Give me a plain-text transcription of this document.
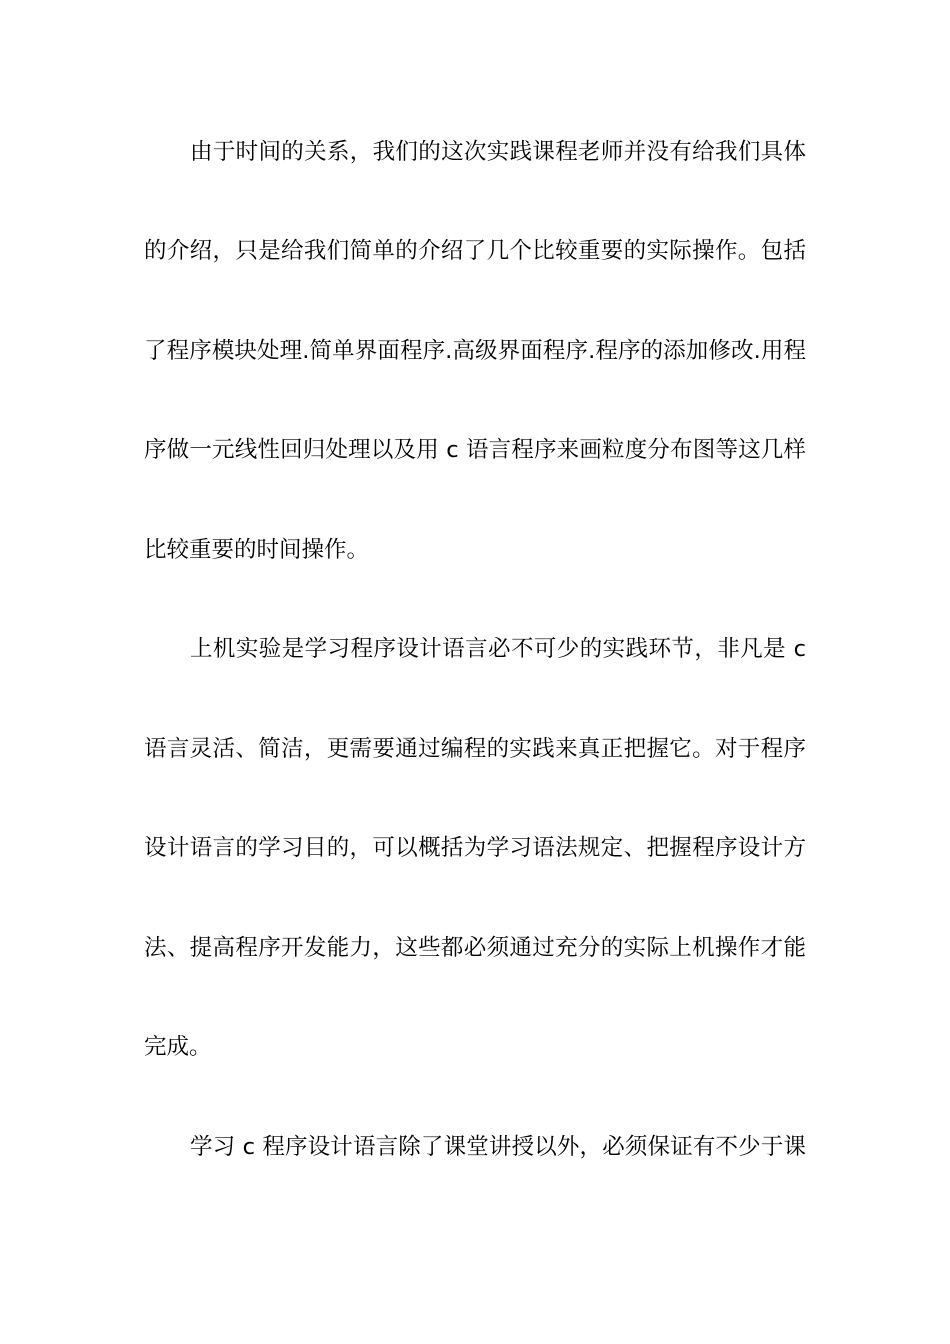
由于时间的关系，我们的这次实践课程老师并没有给我们具体
的介绍，只是给我们简单的介绍了几个比较重要的实际操作。包括
了程序模块处理.简单界面程序.高级界面程序.程序的添加修改.用程
序做一元线性回归处理以及用 c 语言程序来画粒度分布图等这几样
比较重要的时间操作。
上机实验是学习程序设计语言必不可少的实践环节，非凡是 c
语言灵活、简洁，更需要通过编程的实践来真正把握它。对于程序
设计语言的学习目的，可以概括为学习语法规定、把握程序设计方
法、提高程序开发能力，这些都必须通过充分的实际上机操作才能
完成。
学习 c 程序设计语言除了课堂讲授以外，必须保证有不少于课
